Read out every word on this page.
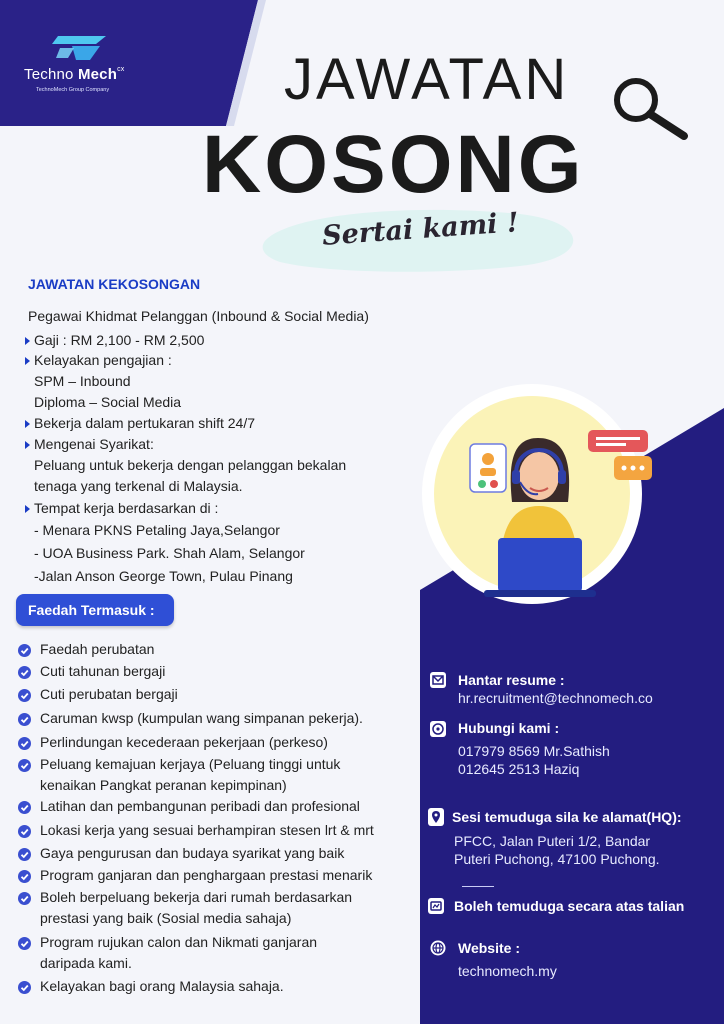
Techno Mech$^{cx}$
TechnoMech Group Company	JAWATAN
KOSONG
Sertai kami !
JAWATAN KEKOSONGAN
Pegawai Khidmat Pelanggan (Inbound & Social Media)
Gaji : RM 2,100 - RM 2,500
Kelayakan pengajian :
SPM – Inbound
Diploma – Social Media
Bekerja dalam pertukaran shift 24/7
Mengenai Syarikat:
Peluang untuk bekerja dengan pelanggan bekalan
tenaga yang terkenal di Malaysia.
Tempat kerja berdasarkan di :
- Menara PKNS Petaling Jaya,Selangor
- UOA Business Park. Shah Alam, Selangor
-Jalan Anson George Town, Pulau Pinang
Faedah Termasuk :
Faedah perubatan
Cuti tahunan bergaji
Cuti perubatan bergaji
Caruman kwsp (kumpulan wang simpanan pekerja).
Perlindungan kecederaan pekerjaan (perkeso)
Peluang kemajuan kerjaya (Peluang tinggi untuk
kenaikan Pangkat peranan kepimpinan)
Latihan dan pembangunan peribadi dan profesional
Lokasi kerja yang sesuai berhampiran stesen lrt & mrt
Gaya pengurusan dan budaya syarikat yang baik
Program ganjaran dan penghargaan prestasi menarik
Boleh berpeluang bekerja dari rumah berdasarkan
prestasi yang baik (Sosial media sahaja)
Program rujukan calon dan Nikmati ganjaran
daripada kami.
Kelayakan bagi orang Malaysia sahaja.
Hantar resume :
hr.recruitment@technomech.co
Hubungi kami :
017979 8569 Mr.Sathish
012645 2513 Haziq
Sesi temuduga sila ke alamat(HQ):
PFCC, Jalan Puteri 1/2, Bandar
Puteri Puchong, 47100 Puchong.
Boleh temuduga secara atas talian
Website :
technomech.my
